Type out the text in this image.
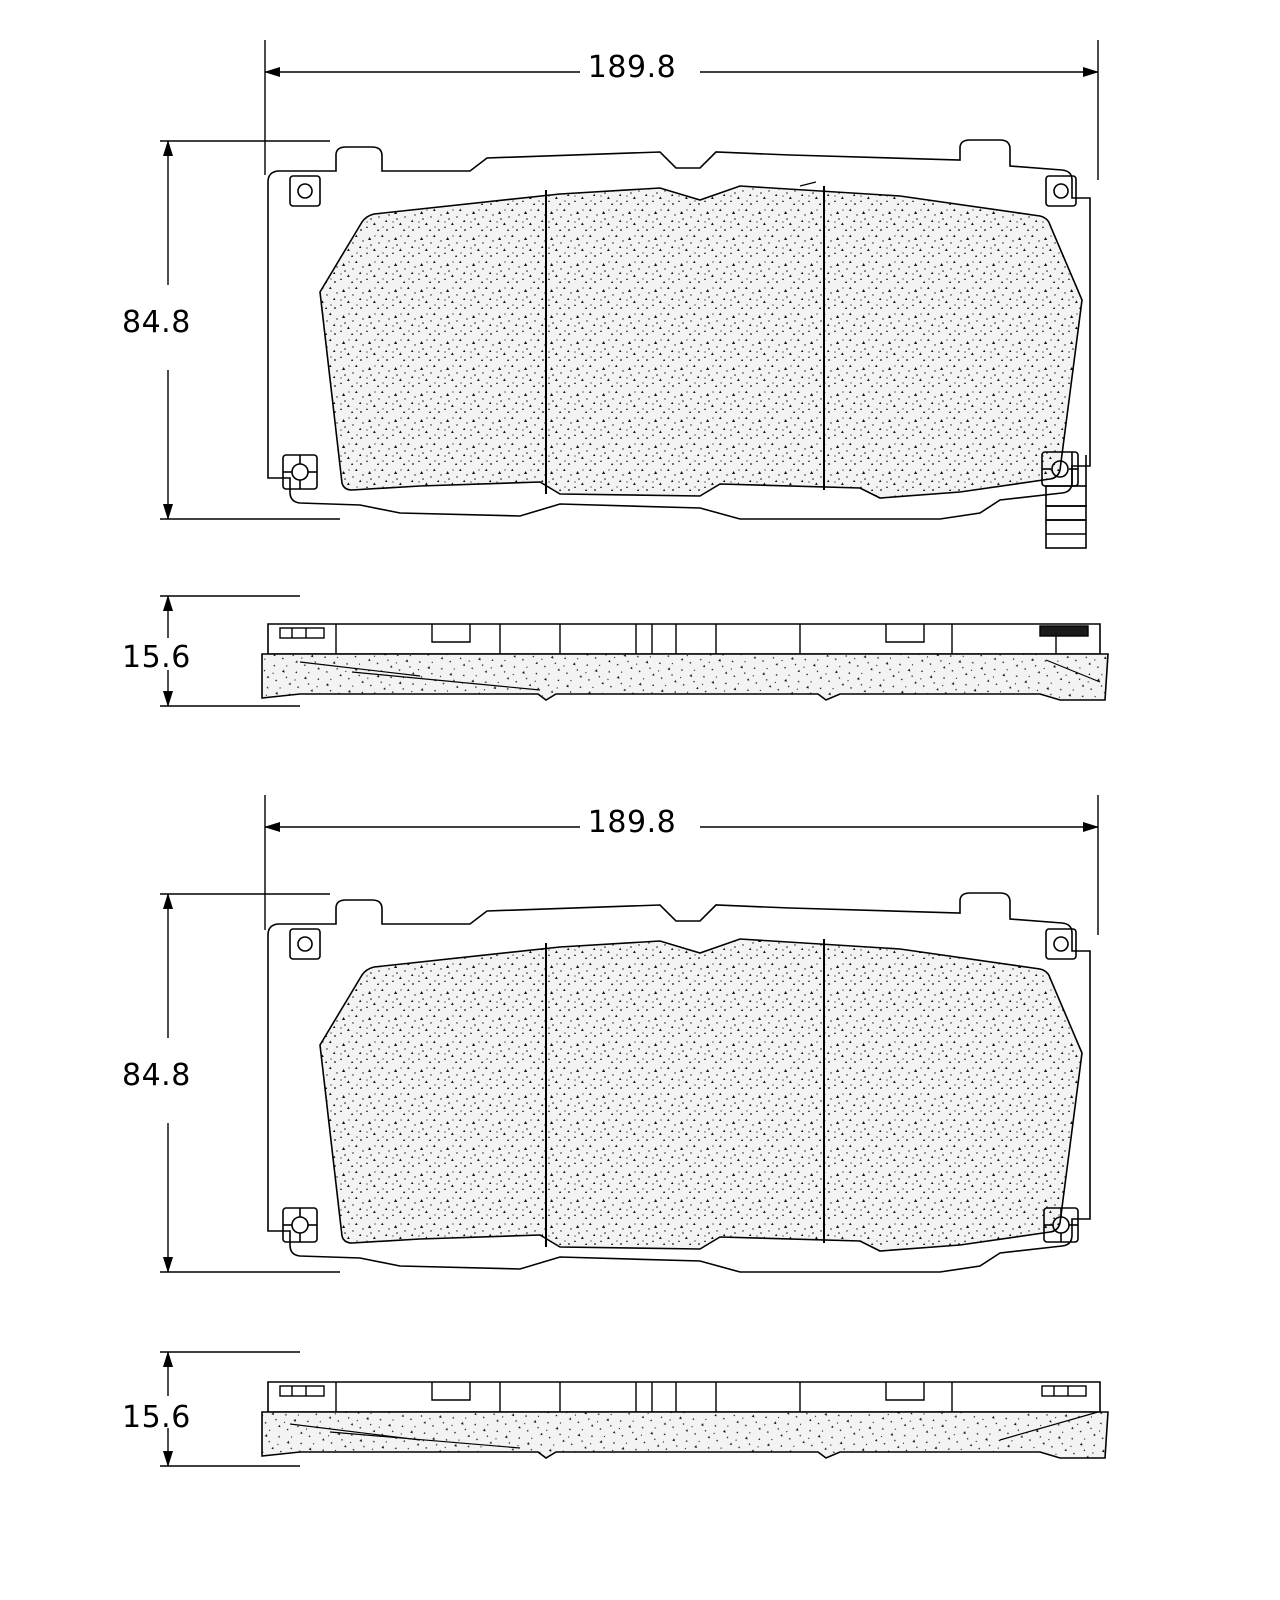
189.8
84.8
15.6
189.8
84.8
15.6
